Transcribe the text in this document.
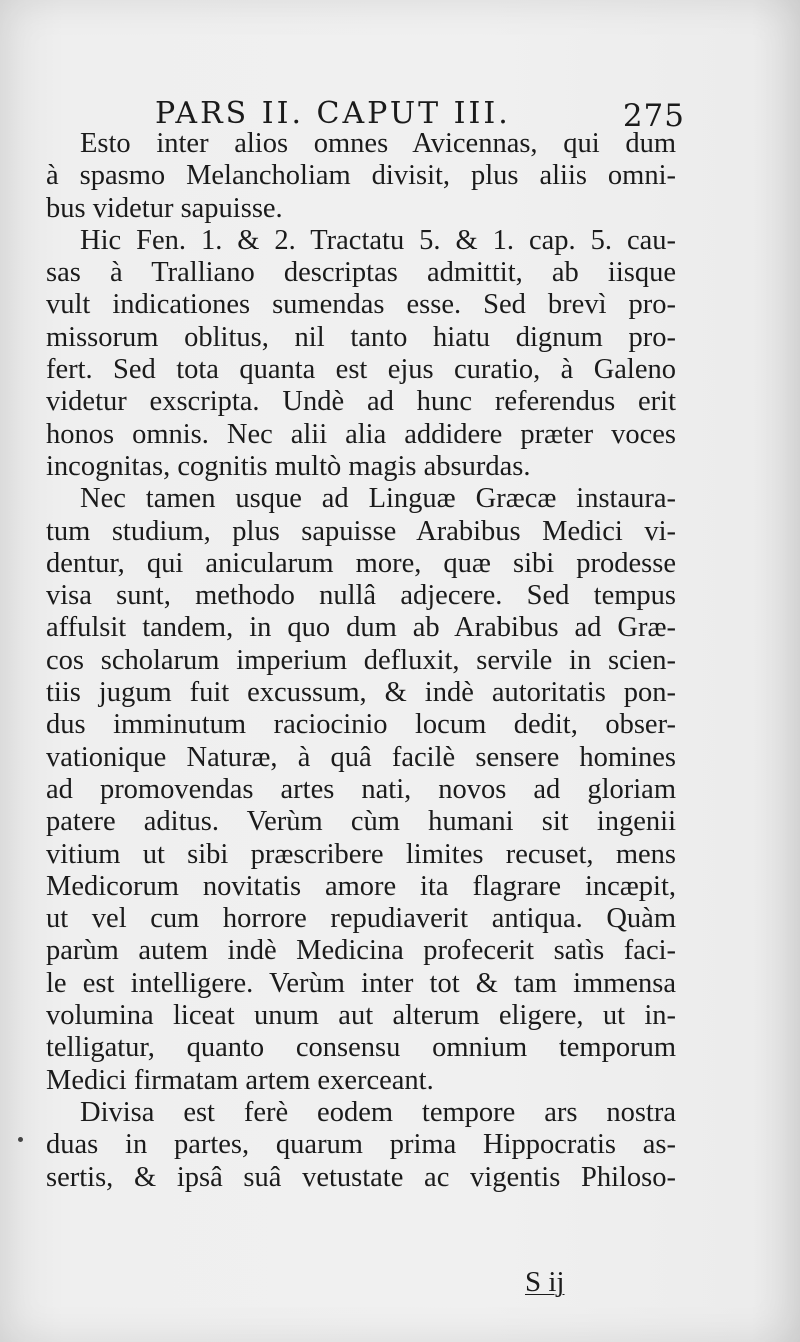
PARS II. CAPUT III.	275
Esto inter alios omnes Avicennas, qui dum
à spasmo Melancholiam divisit, plus aliis omni-
bus videtur sapuisse.
Hic Fen. 1. & 2. Tractatu 5. & 1. cap. 5. cau-
sas à Tralliano descriptas admittit, ab iisque
vult indicationes sumendas esse. Sed brevì pro-
missorum oblitus, nil tanto hiatu dignum pro-
fert. Sed tota quanta est ejus curatio, à Galeno
videtur exscripta. Undè ad hunc referendus erit
honos omnis. Nec alii alia addidere præter voces
incognitas, cognitis multò magis absurdas.
Nec tamen usque ad Linguæ Græcæ instaura-
tum studium, plus sapuisse Arabibus Medici vi-
dentur, qui anicularum more, quæ sibi prodesse
visa sunt, methodo nullâ adjecere. Sed tempus
affulsit tandem, in quo dum ab Arabibus ad Græ-
cos scholarum imperium defluxit, servile in scien-
tiis jugum fuit excussum, & indè autoritatis pon-
dus imminutum raciocinio locum dedit, obser-
vationique Naturæ, à quâ facilè sensere homines
ad promovendas artes nati, novos ad gloriam
patere aditus. Verùm cùm humani sit ingenii
vitium ut sibi præscribere limites recuset, mens
Medicorum novitatis amore ita flagrare incæpit,
ut vel cum horrore repudiaverit antiqua. Quàm
parùm autem indè Medicina profecerit satìs faci-
le est intelligere. Verùm inter tot & tam immensa
volumina liceat unum aut alterum eligere, ut in-
telligatur, quanto consensu omnium temporum
Medici firmatam artem exerceant.
Divisa est ferè eodem tempore ars nostra
duas in partes, quarum prima Hippocratis as-
sertis, & ipsâ suâ vetustate ac vigentis Philoso-
S ij
